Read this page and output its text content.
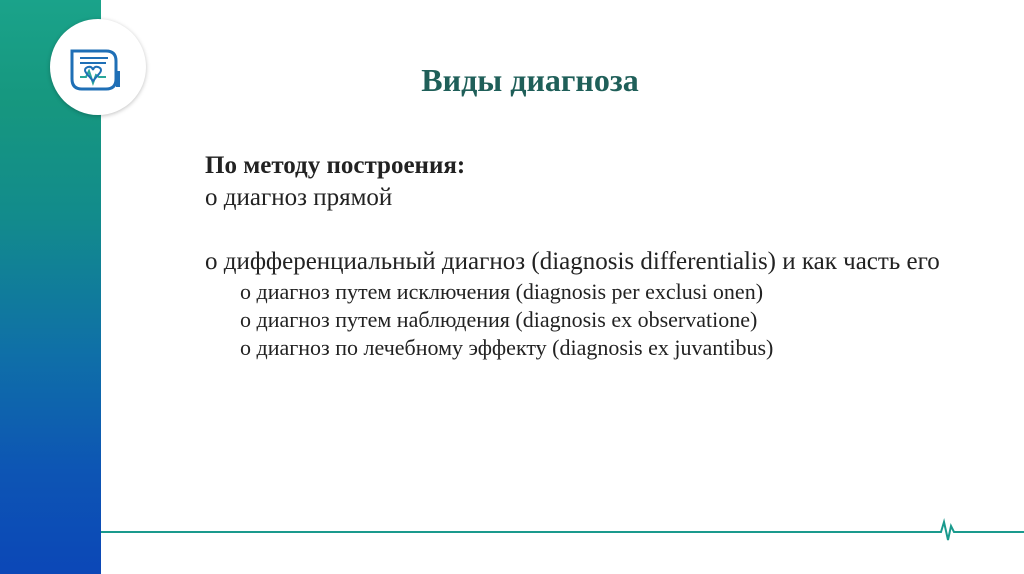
Виды диагноза

По методу построения:

o диагноз прямой

o дифференциальный диагноз (diagnosis differentialis) и как часть его

o диагноз путем исключения (diagnosis per exclusi onen)

o диагноз путем наблюдения (diagnosis ex observatione)

o диагноз по лечебному эффекту (diagnosis ex juvantibus)
